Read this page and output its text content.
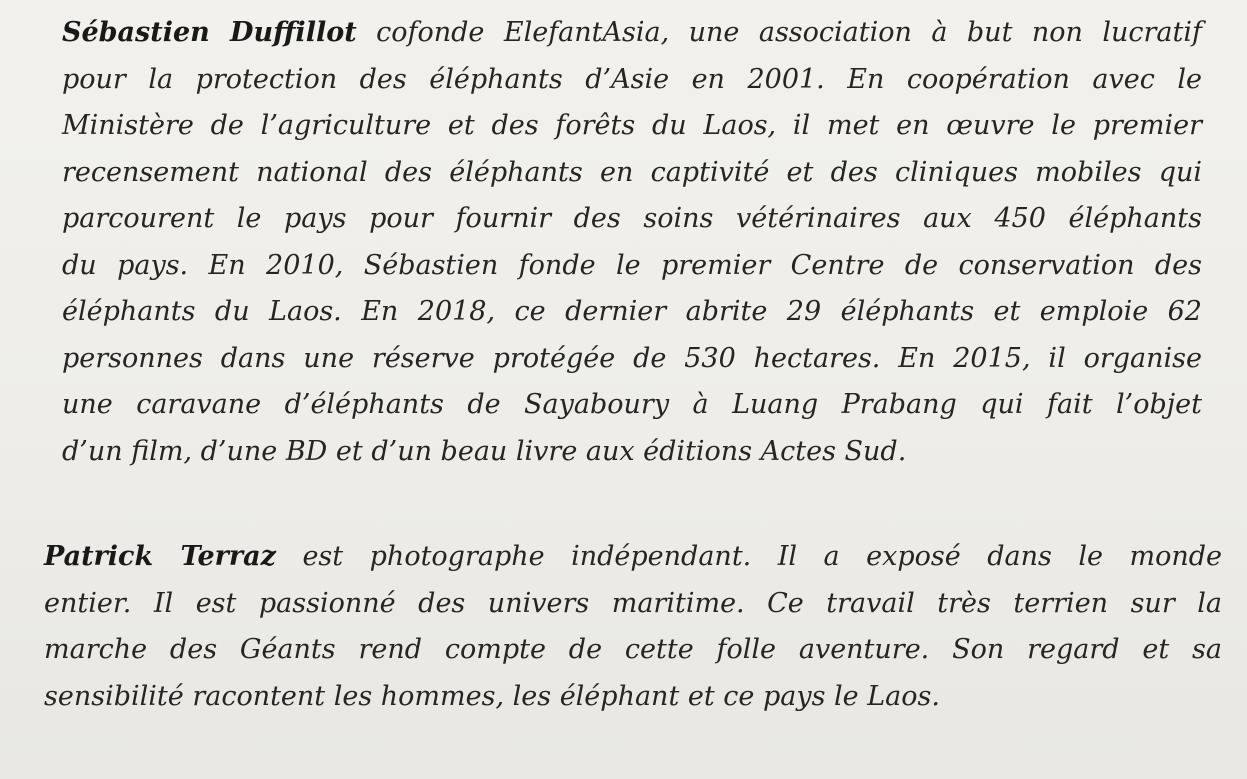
Sébastien Duffillot cofonde ElefantAsia, une association à but non lucratif
pour la protection des éléphants d’Asie en 2001. En coopération avec le
Ministère de l’agriculture et des forêts du Laos, il met en œuvre le premier
recensement national des éléphants en captivité et des cliniques mobiles qui
parcourent le pays pour fournir des soins vétérinaires aux 450 éléphants
du pays. En 2010, Sébastien fonde le premier Centre de conservation des
éléphants du Laos. En 2018, ce dernier abrite 29 éléphants et emploie 62
personnes dans une réserve protégée de 530 hectares. En 2015, il organise
une caravane d’éléphants de Sayaboury à Luang Prabang qui fait l’objet
d’un film, d’une BD et d’un beau livre aux éditions Actes Sud.

Patrick Terraz est photographe indépendant. Il a exposé dans le monde
entier. Il est passionné des univers maritime. Ce travail très terrien sur la
marche des Géants rend compte de cette folle aventure. Son regard et sa
sensibilité racontent les hommes, les éléphant et ce pays le Laos.
